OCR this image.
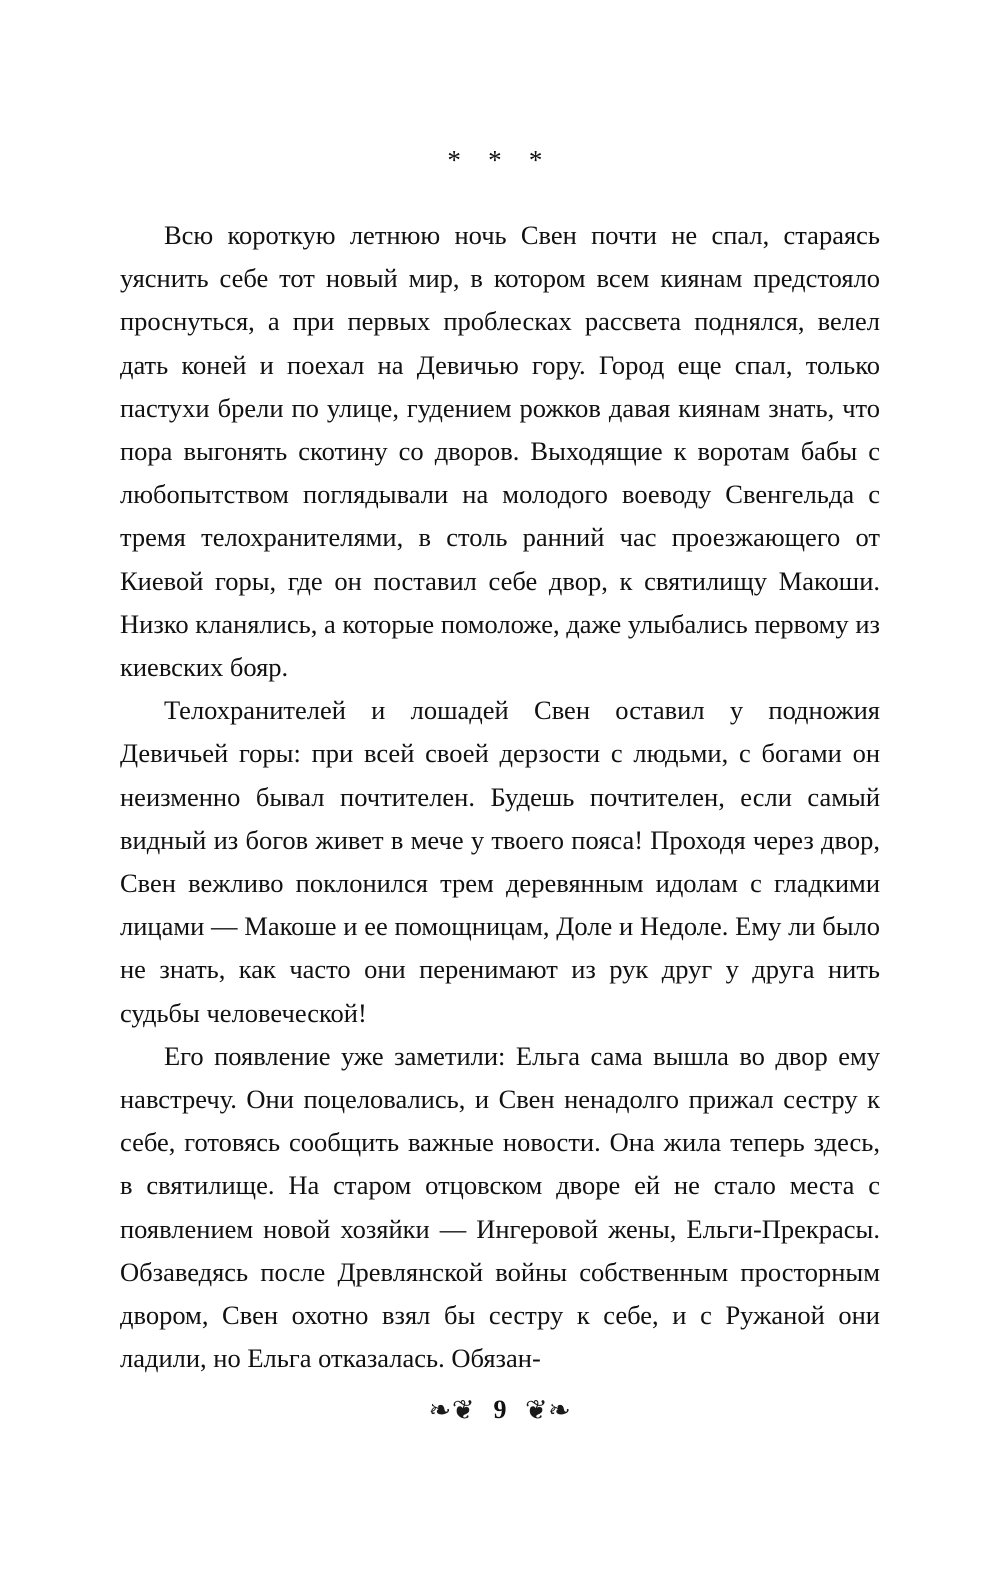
* * *

Всю короткую летнюю ночь Свен почти не спал, стараясь уяснить себе тот новый мир, в котором всем киянам предстояло проснуться, а при первых проблесках рассвета поднялся, велел дать коней и поехал на Девичью гору. Город еще спал, только пастухи брели по улице, гудением рожков давая киянам знать, что пора выгонять скотину со дворов. Выходящие к воротам бабы с любопытством поглядывали на молодого воеводу Свенгельда с тремя телохранителями, в столь ранний час проезжающего от Киевой горы, где он поставил себе двор, к святилищу Макоши. Низко кланялись, а которые помоложе, даже улыбались первому из киевских бояр.

Телохранителей и лошадей Свен оставил у подножия Девичьей горы: при всей своей дерзости с людьми, с богами он неизменно бывал почтителен. Будешь почтителен, если самый видный из богов живет в мече у твоего пояса! Проходя через двор, Свен вежливо поклонился трем деревянным идолам с гладкими лицами — Макоше и ее помощницам, Доле и Недоле. Ему ли было не знать, как часто они перенимают из рук друг у друга нить судьбы человеческой!

Его появление уже заметили: Ельга сама вышла во двор ему навстречу. Они поцеловались, и Свен ненадолго прижал сестру к себе, готовясь сообщить важные новости. Она жила теперь здесь, в святилище. На старом отцовском дворе ей не стало места с появлением новой хозяйки — Ингеровой жены, Ельги-Прекрасы. Обзаведясь после Древлянской войны собственным просторным двором, Свен охотно взял бы сестру к себе, и с Ружаной они ладили, но Ельга отказалась. Обязан-

❧❦ 9 ❦❧
